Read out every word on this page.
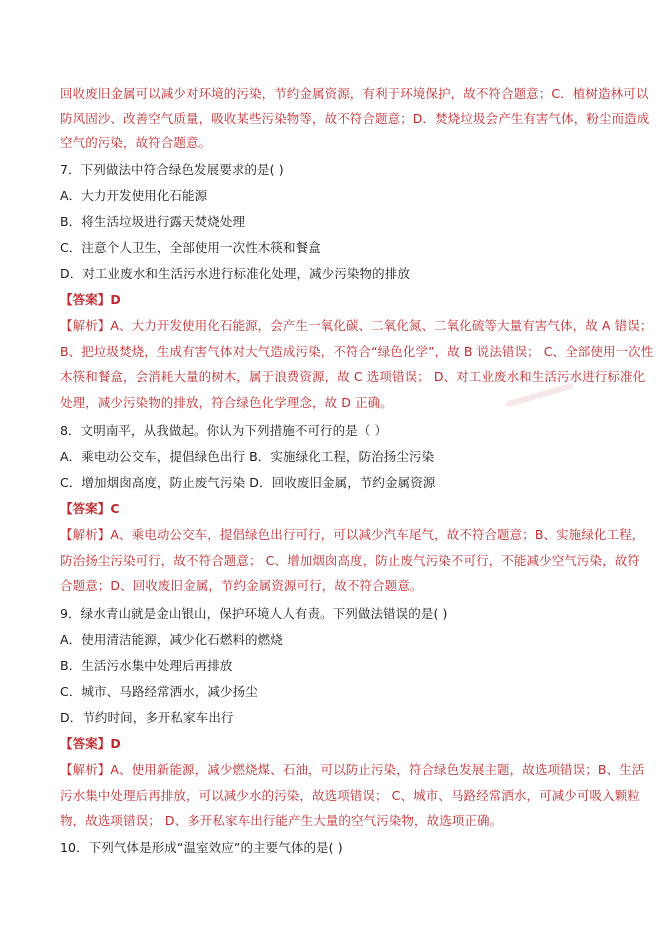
回收废旧金属可以减少对环境的污染，节约金属资源，有利于环境保护，故不符合题意；C．植树造林可以
防风固沙、改善空气质量，吸收某些污染物等，故不符合题意；D．焚烧垃圾会产生有害气体，粉尘而造成
空气的污染，故符合题意。
7．下列做法中符合绿色发展要求的是( )
A．大力开发使用化石能源
B．将生活垃圾进行露天焚烧处理
C．注意个人卫生，全部使用一次性木筷和餐盒
D．对工业废水和生活污水进行标准化处理，减少污染物的排放
【答案】D
【解析】A、大力开发使用化石能源，会产生一氧化碳、二氧化氮、二氧化硫等大量有害气体，故 A 错误；
B、把垃圾焚烧，生成有害气体对大气造成污染，不符合“绿色化学”，故 B 说法错误； C、全部使用一次性
木筷和餐盒，会消耗大量的树木，属于浪费资源，故 C 选项错误； D、对工业废水和生活污水进行标准化
处理，减少污染物的排放，符合绿色化学理念，故 D 正确。
8．文明南平，从我做起。你认为下列措施不可行的是（ ）
A．乘电动公交车，提倡绿色出行 B．实施绿化工程，防治扬尘污染
C．增加烟囱高度，防止废气污染 D．回收废旧金属，节约金属资源
【答案】C
【解析】A、乘电动公交车，提倡绿色出行可行，可以减少汽车尾气，故不符合题意；B、实施绿化工程，
防治扬尘污染可行，故不符合题意； C、增加烟囱高度，防止废气污染不可行，不能减少空气污染，故符
合题意；D、回收废旧金属，节约金属资源可行，故不符合题意。
9．绿水青山就是金山银山，保护环境人人有责。下列做法错误的是( )
A．使用清洁能源，减少化石燃料的燃烧
B．生活污水集中处理后再排放
C．城市、马路经常洒水，减少扬尘
D．节约时间，多开私家车出行
【答案】D
【解析】A、使用新能源，减少燃烧煤、石油，可以防止污染，符合绿色发展主题，故选项错误；B、生活
污水集中处理后再排放，可以减少水的污染，故选项错误； C、城市、马路经常洒水，可减少可吸入颗粒
物，故选项错误； D、多开私家车出行能产生大量的空气污染物，故选项正确。
10．下列气体是形成“温室效应”的主要气体的是( )
